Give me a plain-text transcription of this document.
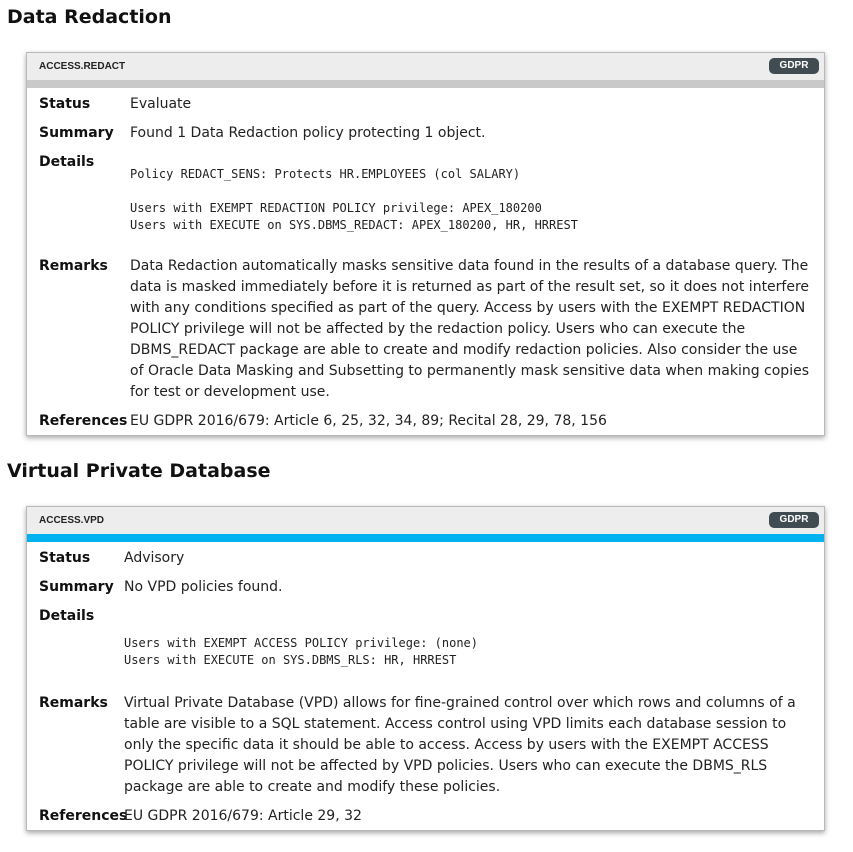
Data Redaction
ACCESS.REDACT	GDPR
Status	Evaluate
Summary Found 1 Data Redaction policy protecting 1 object.
Details
Policy REDACT_SENS: Protects HR.EMPLOYEES (col SALARY)
Users with EXEMPT REDACTION POLICY privilege: APEX_180200
Users with EXECUTE on SYS.DBMS_REDACT: APEX_180200, HR, HRREST
Remarks Data Redaction automatically masks sensitive data found in the results of a database query. The data is masked immediately before it is returned as part of the result set, so it does not interfere with any conditions specified as part of the query. Access by users with the EXEMPT REDACTION POLICY privilege will not be affected by the redaction policy. Users who can execute the DBMS_REDACT package are able to create and modify redaction policies. Also consider the use of Oracle Data Masking and Subsetting to permanently mask sensitive data when making copies for test or development use.
References EU GDPR 2016/679: Article 6, 25, 32, 34, 89; Recital 28, 29, 78, 156
Virtual Private Database
ACCESS.VPD	GDPR
Status Advisory
Summary No VPD policies found.
Details
Users with EXEMPT ACCESS POLICY privilege: (none)
Users with EXECUTE on SYS.DBMS_RLS: HR, HRREST
Remarks Virtual Private Database (VPD) allows for fine-grained control over which rows and columns of a table are visible to a SQL statement. Access control using VPD limits each database session to only the specific data it should be able to access. Access by users with the EXEMPT ACCESS POLICY privilege will not be affected by VPD policies. Users who can execute the DBMS_RLS package are able to create and modify these policies.
References
EU GDPR 2016/679: Article 29, 32
